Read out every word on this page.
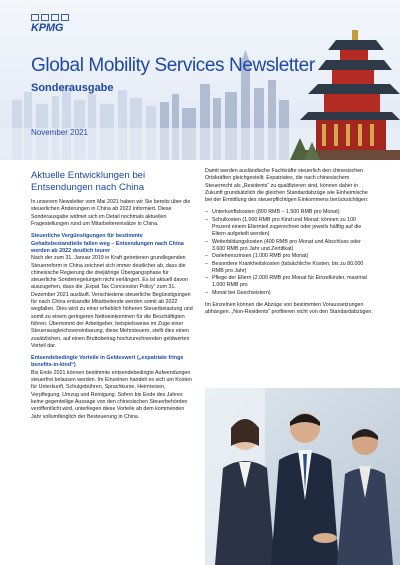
KPMG
Global Mobility Services Newsletter
Sonderausgabe
November 2021
Aktuelle Entwicklungen bei Entsendungen nach China

In unserem Newsletter vom Mai 2021 haben wir Sie bereits über die steuerlichen Änderungen in China ab 2022 informiert. Diese Sonderausgabe widmet sich im Detail nochmals aktuellen Fragestellungen rund um Mitarbeitereinsätze in China.

Steuerliche Vergünstigungen für bestimmte Gehaltsbestandteile fallen weg – Entsendungen nach China werden ab 2022 deutlich teurer

Nach der zum 31. Januar 2019 in Kraft getretenen grundlegenden Steuerreform in China zeichnet sich immer deutlicher ab, dass die chinesische Regierung die dreijährige Übergangsphase für steuerliche Sonderregelungen nicht verlängert. Es ist aktuell davon auszugehen, dass die „Expat Tax Concession Policy“ zum 31. Dezember 2021 ausläuft. Verschiedene steuerliche Begünstigungen für nach China entsandte Mitarbeitende werden somit ab 2022 wegfallen. Dies wird zu einer erheblich höheren Steuerbelastung und somit zu einem geringeren Nettoeinkommen für die Beschäftigten führen. Übernimmt der Arbeitgeber, beispielsweise im Zuge einer Steuerausgleichsvereinbarung, diese Mehrsteuern, stellt dies einen zusätzlichen, auf einen Bruttobetrag hochzurechnenden geldwerten Vorteil dar.

Entsendebedingte Vorteile in Geldeswert („expatriate fringe benefits-in-kind“)

Bis Ende 2021 können bestimmte entsendebedingte Aufwendungen steuerfrei belassen werden. Im Einzelnen handelt es sich um Kosten für Unterkunft, Schulgebühren, Sprachkurse, Heimreisen, Verpflegung, Umzug und Reinigung. Sofern bis Ende des Jahres keine gegenteilige Aussage von den chinesischen Steuerbehörden veröffentlicht wird, unterliegen diese Vorteile ab dem kommenden Jahr vollumfänglich der Besteuerung in China.

Damit werden ausländische Fachkräfte steuerlich den chinesischen Ortskräften gleichgestellt. Expatriates, die nach chinesischem Steuerrecht als „Residents“ zu qualifizieren sind, können daher in Zukunft grundsätzlich die gleichen Standardabzüge wie Einheimische bei der Ermittlung des steuerpflichtigen Einkommens berücksichtigen:

– Unterkunftskosten (800 RMB – 1.500 RMB pro Monat)
– Schulkosten (1.000 RMB pro Kind und Monat; können zu 100 Prozent einem Elternteil zugerechnet oder jeweils hälftig auf die Eltern aufgeteilt werden)
– Weiterbildungskosten (400 RMB pro Monat und Abschluss oder 3.600 RMB pro Jahr und Zertifikat)
– Darlehenszinsen (1.000 RMB pro Monat)
– Besondere Krankheitskosten (tatsächliche Kosten, bis zu 80.000 RMB pro Jahr)
– Pflege der Eltern (2.000 RMB pro Monat für Einzelkinder, maximal 1.000 RMB pro
– Monat bei Geschwistern)

Im Einzelnen können die Abzüge von bestimmten Voraussetzungen abhängen. „Non-Residents“ profitieren nicht von den Standardabzügen.
